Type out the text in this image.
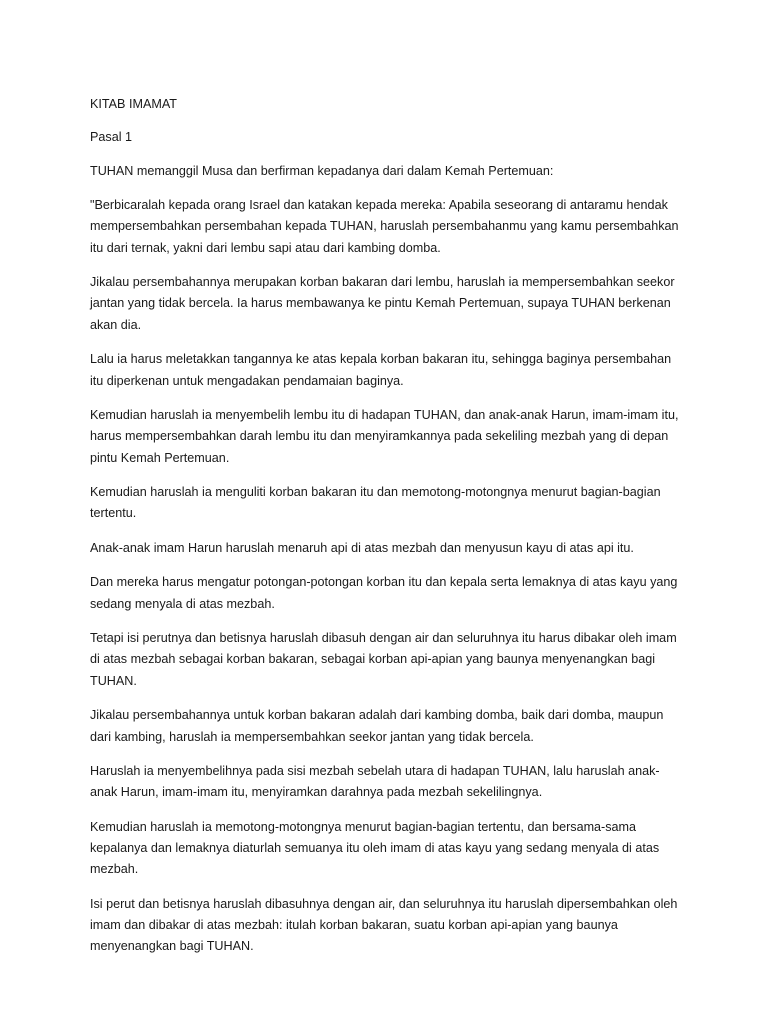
KITAB IMAMAT

Pasal 1

TUHAN memanggil Musa dan berfirman kepadanya dari dalam Kemah Pertemuan:

"Berbicaralah kepada orang Israel dan katakan kepada mereka: Apabila seseorang di antaramu hendak mempersembahkan persembahan kepada TUHAN, haruslah persembahanmu yang kamu persembahkan itu dari ternak, yakni dari lembu sapi atau dari kambing domba.

Jikalau persembahannya merupakan korban bakaran dari lembu, haruslah ia mempersembahkan seekor jantan yang tidak bercela. Ia harus membawanya ke pintu Kemah Pertemuan, supaya TUHAN berkenan akan dia.

Lalu ia harus meletakkan tangannya ke atas kepala korban bakaran itu, sehingga baginya persembahan itu diperkenan untuk mengadakan pendamaian baginya.

Kemudian haruslah ia menyembelih lembu itu di hadapan TUHAN, dan anak-anak Harun, imam-imam itu, harus mempersembahkan darah lembu itu dan menyiramkannya pada sekeliling mezbah yang di depan pintu Kemah Pertemuan.

Kemudian haruslah ia menguliti korban bakaran itu dan memotong-motongnya menurut bagian-bagian tertentu.

Anak-anak imam Harun haruslah menaruh api di atas mezbah dan menyusun kayu di atas api itu.

Dan mereka harus mengatur potongan-potongan korban itu dan kepala serta lemaknya di atas kayu yang sedang menyala di atas mezbah.

Tetapi isi perutnya dan betisnya haruslah dibasuh dengan air dan seluruhnya itu harus dibakar oleh imam di atas mezbah sebagai korban bakaran, sebagai korban api-apian yang baunya menyenangkan bagi TUHAN.

Jikalau persembahannya untuk korban bakaran adalah dari kambing domba, baik dari domba, maupun dari kambing, haruslah ia mempersembahkan seekor jantan yang tidak bercela.

Haruslah ia menyembelihnya pada sisi mezbah sebelah utara di hadapan TUHAN, lalu haruslah anak-anak Harun, imam-imam itu, menyiramkan darahnya pada mezbah sekelilingnya.

Kemudian haruslah ia memotong-motongnya menurut bagian-bagian tertentu, dan bersama-sama kepalanya dan lemaknya diaturlah semuanya itu oleh imam di atas kayu yang sedang menyala di atas mezbah.

Isi perut dan betisnya haruslah dibasuhnya dengan air, dan seluruhnya itu haruslah dipersembahkan oleh imam dan dibakar di atas mezbah: itulah korban bakaran, suatu korban api-apian yang baunya menyenangkan bagi TUHAN.
